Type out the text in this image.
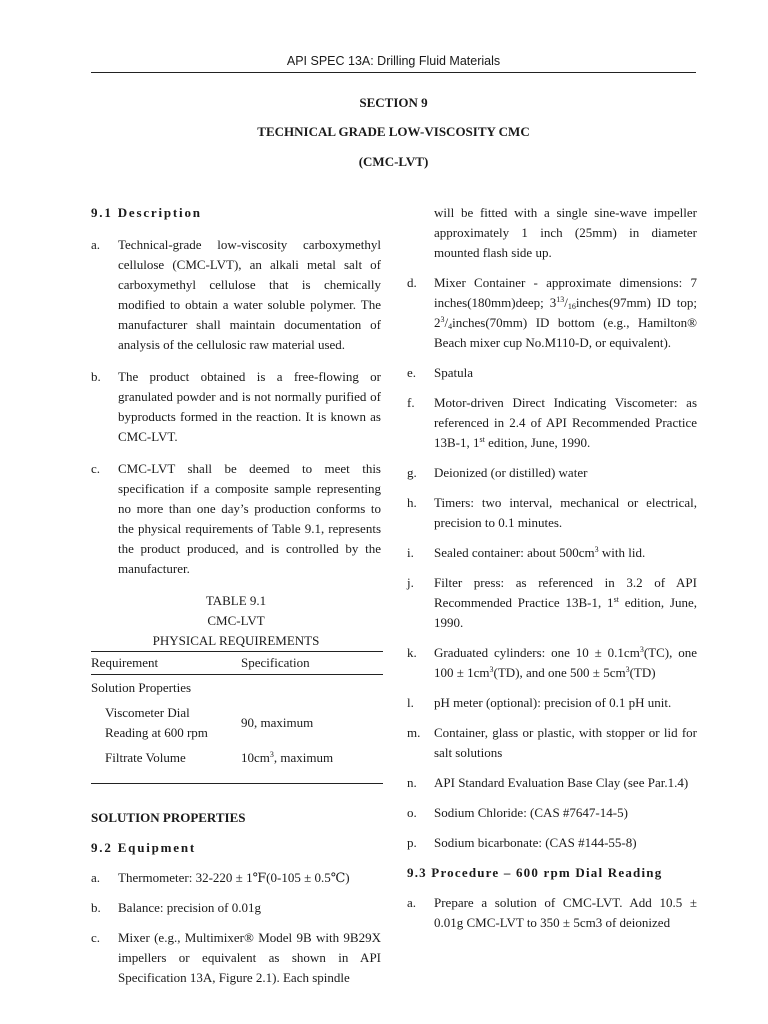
API SPEC 13A: Drilling Fluid Materials
SECTION 9
TECHNICAL GRADE LOW-VISCOSITY CMC
(CMC-LVT)

9.1 Description

a. Technical-grade low-viscosity carboxymethyl cellulose (CMC-LVT), an alkali metal salt of carboxymethyl cellulose that is chemically modified to obtain a water soluble polymer. The manufacturer shall maintain documentation of analysis of the cellulosic raw material used.

b. The product obtained is a free-flowing or granulated powder and is not normally purified of byproducts formed in the reaction. It is known as CMC-LVT.

c. CMC-LVT shall be deemed to meet this specification if a composite sample representing no more than one day’s production conforms to the physical requirements of Table 9.1, represents the product produced, and is controlled by the manufacturer.

TABLE 9.1

CMC-LVT

PHYSICAL REQUIREMENTS

Requirement	Specification
Solution Properties	

Viscometer Dial
Reading at 600 rpm	90, maximum
Filtrate Volume	$10cm^3$, maximum

SOLUTION PROPERTIES

9.2 Equipment

a. Thermometer: 32-220 ± 1℉(0-105 ± 0.5℃)

b. Balance: precision of 0.01g

c. Mixer (e.g., Multimixer® Model 9B with 9B29X impellers or equivalent as shown in API Specification 13A, Figure 2.1). Each spindle

will be fitted with a single sine-wave impeller approximately 1 inch (25mm) in diameter mounted flash side up.

d. Mixer Container - approximate dimensions: 7 inches(180mm)deep; $3^{13}/_{16}inches(97mm)$ ID top; $2^3/_4inches(70mm)$ ID bottom (e.g., Hamilton® Beach mixer cup No.M110-D, or equivalent).

e. Spatula

f. Motor-driven Direct Indicating Viscometer: as referenced in 2.4 of API Recommended Practice 13B-1, 1st edition, June, 1990.

g. Deionized (or distilled) water

h. Timers: two interval, mechanical or electrical, precision to 0.1 minutes.

i. Sealed container: about $500cm^3$ with lid.

j. Filter press: as referenced in 3.2 of API Recommended Practice 13B-1, 1st edition, June, 1990.

k. Graduated cylinders: one $10 \pm 0.1cm^3(TC)$, one $100 \pm 1cm^3(TD)$, and one $500 \pm 5cm^3(TD)$

l. pH meter (optional): precision of 0.1 pH unit.

m. Container, glass or plastic, with stopper or lid for salt solutions

n. API Standard Evaluation Base Clay (see Par.1.4)

o. Sodium Chloride: (CAS #7647-14-5)

p. Sodium bicarbonate: (CAS #144-55-8)

9.3 Procedure – 600 rpm Dial Reading

a. Prepare a solution of CMC-LVT. Add 10.5 ± 0.01g CMC-LVT to 350 ± 5cm3 of deionized
